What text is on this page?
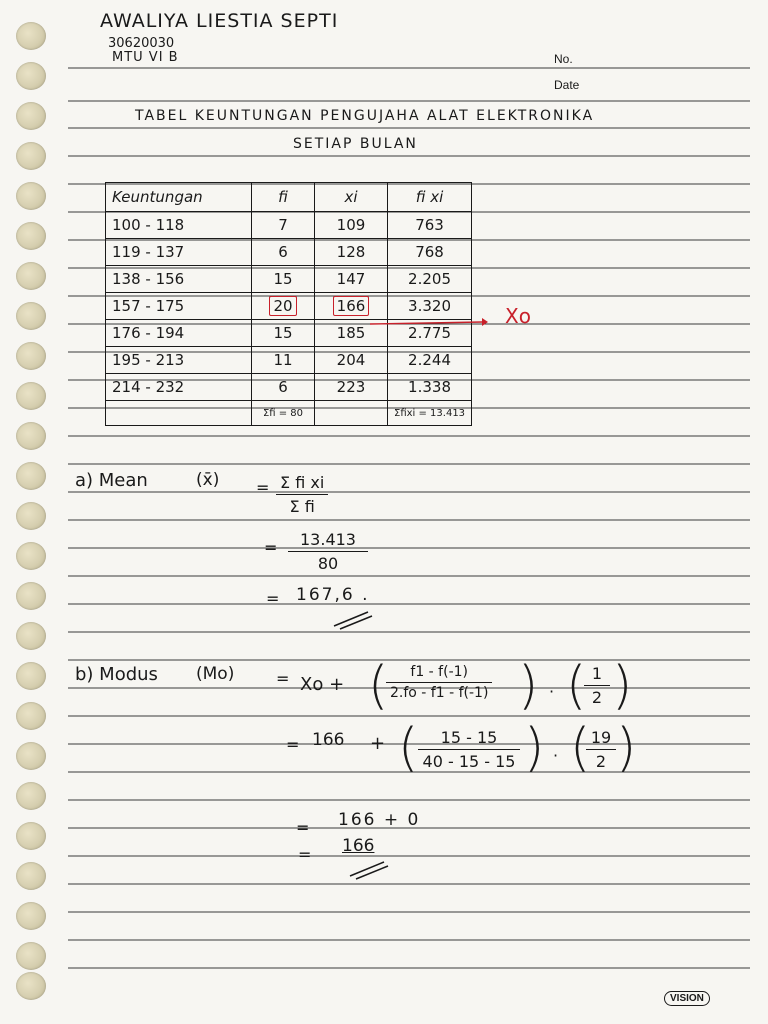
AWALIYA LIESTIA SEPTI
30620030
MTU VI B	No.
Date
TABEL KEUNTUNGAN PENGUJAHA ALAT ELEKTRONIKA
SETIAP BULAN
Keuntungan	fi	xi	fi xi
100 - 118	7	109	763
119 - 137	6	128	768
138 - 156	15	147	2.205
157 - 175	20	166	3.320
176 - 194	15	185	2.775
195 - 213	11	204	2.244
214 - 232	6	223	1.338
	Σfi = 80		Σfixi = 13.413
Xo
a) Mean	(x̄) = $\frac{\text{Σ fi xi}}{\text{Σ fi}}$
= $\frac{13.413}{80}$
= 167,6 .
b) Modus (Mo)	= Xo + (
$\frac{f1 - f(-1)}{2.fo - f1 - f(-1)}$ ) · (
$\frac{1}{2}$ )
= 166 + ( $\frac{15 - 15}{40 - 15 - 15}$ ) · (
$\frac{19}{2}$ )
= 166 + 0
= 166
VISION
